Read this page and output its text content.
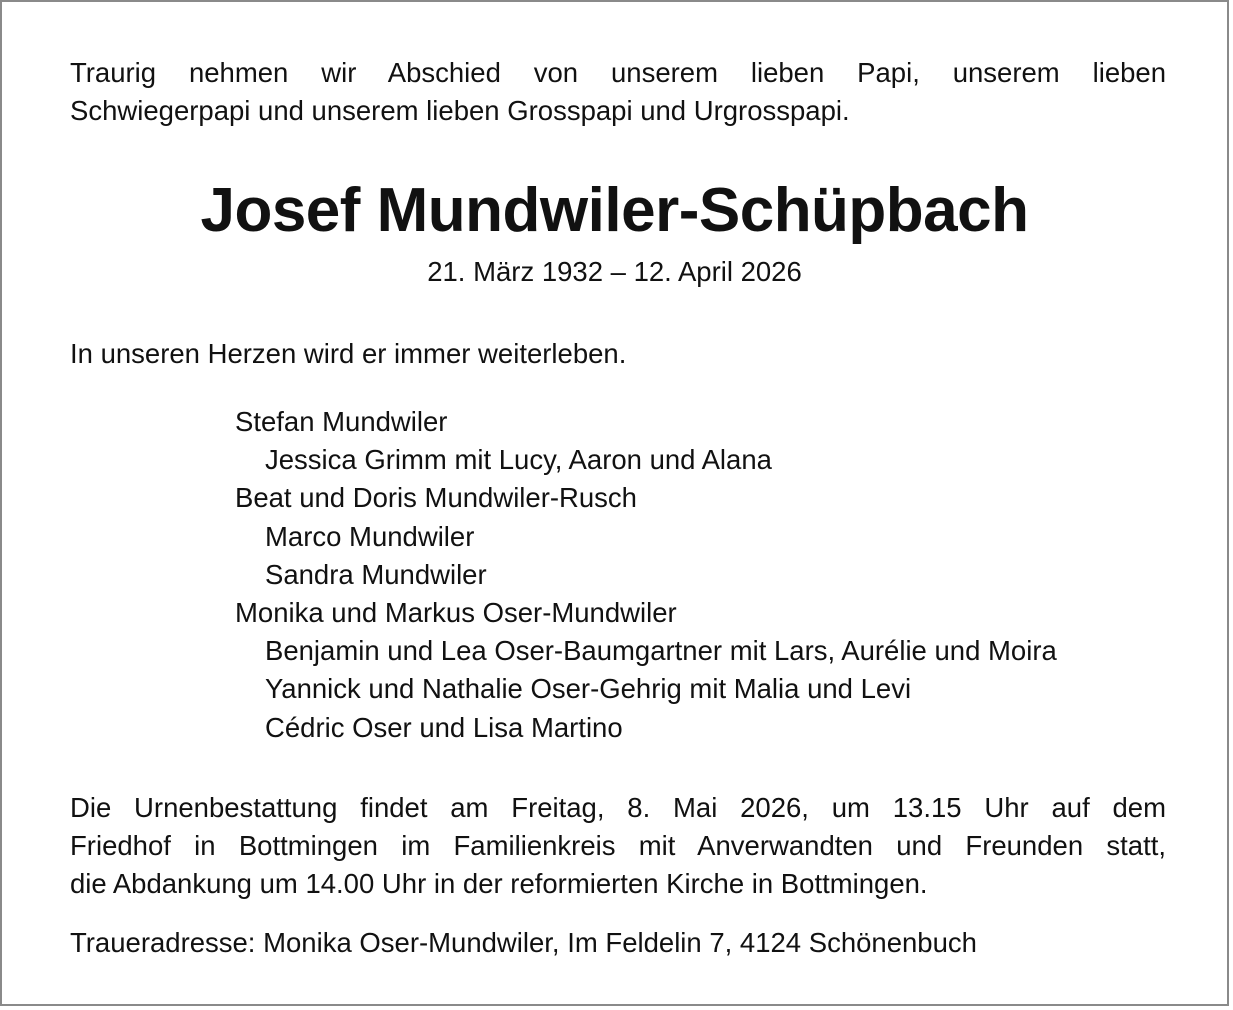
Traurig nehmen wir Abschied von unserem lieben Papi, unserem lieben
Schwiegerpapi und unserem lieben Grosspapi und Urgrosspapi.

Josef Mundwiler-Schüpbach

21. März 1932 – 12. April 2026

In unseren Herzen wird er immer weiterleben.

Stefan Mundwiler
Jessica Grimm mit Lucy, Aaron und Alana
Beat und Doris Mundwiler-Rusch
Marco Mundwiler
Sandra Mundwiler
Monika und Markus Oser-Mundwiler
Benjamin und Lea Oser-Baumgartner mit Lars, Aurélie und Moira
Yannick und Nathalie Oser-Gehrig mit Malia und Levi
Cédric Oser und Lisa Martino

Die Urnenbestattung findet am Freitag, 8. Mai 2026, um 13.15 Uhr auf dem
Friedhof in Bottmingen im Familienkreis mit Anverwandten und Freunden statt,
die Abdankung um 14.00 Uhr in der reformierten Kirche in Bottmingen.

Traueradresse: Monika Oser-Mundwiler, Im Feldelin 7, 4124 Schönenbuch
